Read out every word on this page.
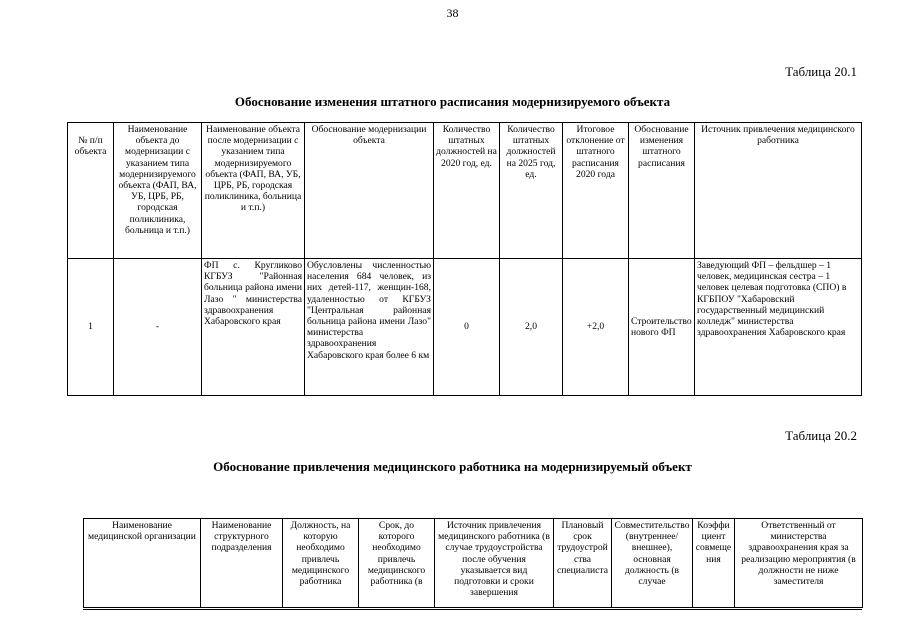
38
Таблица 20.1
Обоснование изменения штатного расписания модернизируемого объекта
№ п/п объекта	Наименование объекта до модернизации с указанием типа модернизируемого объекта (ФАП, ВА, УБ, ЦРБ, РБ, городская поликлиника, больница и т.п.)	Наименование объекта после модернизации с указанием типа модернизируемого объекта (ФАП, ВА, УБ, ЦРБ, РБ, городская поликлиника, больница и т.п.)	Обоснование модернизации объекта	Количество штатных должностей на 2020 год, ед.	Количество штатных должностей на 2025 год, ед.	Итоговое отклонение от штатного расписания 2020 года	Обоснование изменения штатного расписания	Источник привлечения медицинского работника
1	-	ФП с. Кругликово КГБУЗ "Районная больница района имени Лазо " министерства здравоохранения Хабаровского края	Обусловлены численностью населения 684 человек, из них детей-117, женщин-168, удаленностью от КГБУЗ "Центральная районная больница района имени Лазо" министерства здравоохранения Хабаровского края более 6 км	0	2,0	+2,0	Строительство нового ФП	Заведующий ФП – фельдшер – 1 человек, медицинская сестра – 1 человек целевая подготовка (СПО) в КГБПОУ "Хабаровский государственный медицинский колледж" министерства здравоохранения Хабаровского края
Таблица 20.2
Обоснование привлечения медицинского работника на модернизируемый объект
Наименование медицинской организации	Наименование структурного подразделения	Должность, на которую необходимо привлечь медицинского работника	Срок, до которого необходимо привлечь медицинского работника (в	Источник привлечения медицинского работника (в случае трудоустройства после обучения указывается вид подготовки и сроки завершения	Плановый срок трудоустройства специалиста	Совместительство (внутреннее/внешнее), основная должность (в случае	Коэффициент совмещения	Ответственный от министерства здравоохранения края за реализацию мероприятия (в должности не ниже заместителя
